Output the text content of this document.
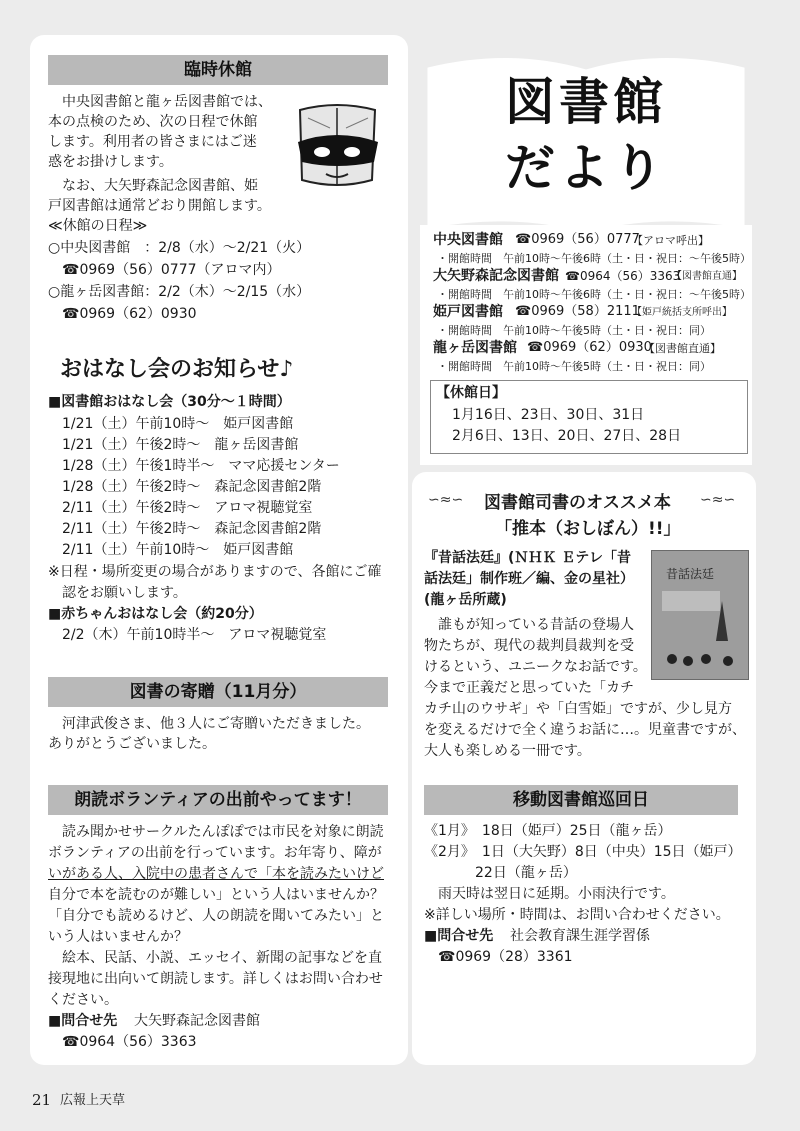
臨時休館
中央図書館と龍ヶ岳図書館では、
本の点検のため、次の日程で休館
します。利用者の皆さまにはご迷
惑をお掛けします。
なお、大矢野森記念図書館、姫
戸図書館は通常どおり開館します。
≪休館の日程≫
○中央図書館　：2/8（水）～2/21（火）
☎0969（56）0777（アロマ内）
○龍ヶ岳図書館：2/2（木）～2/15（水）
☎0969（62）0930
おはなし会のお知らせ♪
■図書館おはなし会（30分～１時間）
1/21（土）午前10時～　姫戸図書館
1/21（土）午後2時～　龍ヶ岳図書館
1/28（土）午後1時半～　ママ応援センター
1/28（土）午後2時～　森記念図書館2階
2/11（土）午後2時～　アロマ視聴覚室
2/11（土）午後2時～　森記念図書館2階
2/11（土）午前10時～　姫戸図書館
※日程・場所変更の場合がありますので、各館にご確
認をお願いします。
■赤ちゃんおはなし会（約20分）
2/2（木）午前10時半～　アロマ視聴覚室
図書の寄贈（11月分）
河津武俊さま、他３人にご寄贈いただきました。
ありがとうございました。
朗読ボランティアの出前やってます！
読み聞かせサークルたんぽぽでは市民を対象に朗読
ボランティアの出前を行っています。お年寄り、障が
いがある人、入院中の患者さんで「本を読みたいけど
自分で本を読むのが難しい」という人はいませんか？
「自分でも読めるけど、人の朗読を聞いてみたい」と
いう人はいませんか？
絵本、民話、小説、エッセイ、新聞の記事などを直
接現地に出向いて朗読します。詳しくはお問い合わせ
ください。
■問合せ先 大矢野森記念図書館
☎0964（56）3363
図書館
だより
中央図書館 ☎0969（56）0777
【アロマ呼出】
・開館時間　午前10時～午後6時（土・日・祝日：～午後5時）
大矢野森記念図書館 ☎0964（56）3363
【図書館直通】
・開館時間　午前10時～午後6時（土・日・祝日：～午後5時）
姫戸図書館 ☎0969（58）2111
【姫戸統括支所呼出】
・開館時間　午前10時～午後5時（土・日・祝日：同）
龍ヶ岳図書館 ☎0969（62）0930
【図書館直通】
・開館時間　午前10時～午後5時（土・日・祝日：同）
【休館日】
1月16日、23日、30日、31日
2月6日、13日、20日、27日、28日
∽≈∽ 図書館司書のオススメ本 ∽≈∽
「推本（おしぼん）!!」
『昔話法廷』(ＮＨＫ Ｅテレ「昔
話法廷」制作班／編、金の星社）
(龍ヶ岳所蔵)
昔話法廷
誰もが知っている昔話の登場人
物たちが、現代の裁判員裁判を受
けるという、ユニークなお話です。
今まで正義だと思っていた「カチ
カチ山のウサギ」や「白雪姫」ですが、少し見方
を変えるだけで全く違うお話に…。児童書ですが、
大人も楽しめる一冊です。
移動図書館巡回日
《1月》　18日（姫戸）25日（龍ヶ岳）
《2月》　1日（大矢野）8日（中央）15日（姫戸）
22日（龍ヶ岳）
雨天時は翌日に延期。小雨決行です。
※詳しい場所・時間は、お問い合わせください。
■問合せ先 社会教育課生涯学習係
☎0969（28）3361
21 広報上天草
